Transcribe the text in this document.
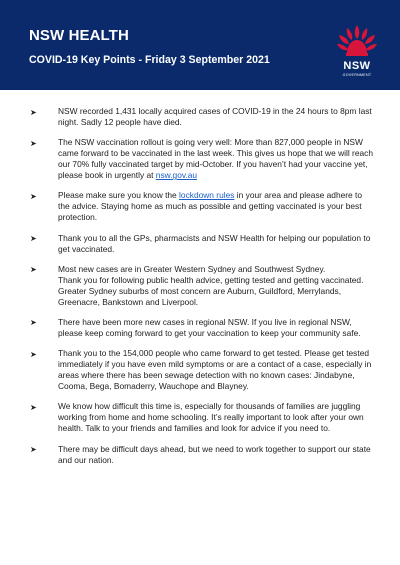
NSW HEALTH
COVID-19 Key Points - Friday 3 September 2021	NSW
GOVERNMENT
➤	NSW recorded 1,431 locally acquired cases of COVID-19 in the 24 hours to 8pm last night. Sadly 12 people have died.
➤	The NSW vaccination rollout is going very well: More than 827,000 people in NSW came forward to be vaccinated in the last week. This gives us hope that we will reach our 70% fully vaccinated target by mid-October. If you haven’t had your vaccine yet, please book in urgently at nsw.gov.au
➤	Please make sure you know the lockdown rules in your area and please adhere to the advice. Staying home as much as possible and getting vaccinated is your best protection.
➤	Thank you to all the GPs, pharmacists and NSW Health for helping our population to get vaccinated.
➤	Most new cases are in Greater Western Sydney and Southwest Sydney.
Thank you for following public health advice, getting tested and getting vaccinated. Greater Sydney suburbs of most concern are Auburn, Guildford, Merrylands, Greenacre, Bankstown and Liverpool.
➤	There have been more new cases in regional NSW. If you live in regional NSW, please keep coming forward to get your vaccination to keep your community safe.
➤	Thank you to the 154,000 people who came forward to get tested. Please get tested immediately if you have even mild symptoms or are a contact of a case, especially in areas where there has been sewage detection with no known cases: Jindabyne, Cooma, Bega, Bomaderry, Wauchope and Blayney.
➤	We know how difficult this time is, especially for thousands of families are juggling working from home and home schooling. It’s really important to look after your own health. Talk to your friends and families and look for advice if you need to.
➤	There may be difficult days ahead, but we need to work together to support our state and our nation.
